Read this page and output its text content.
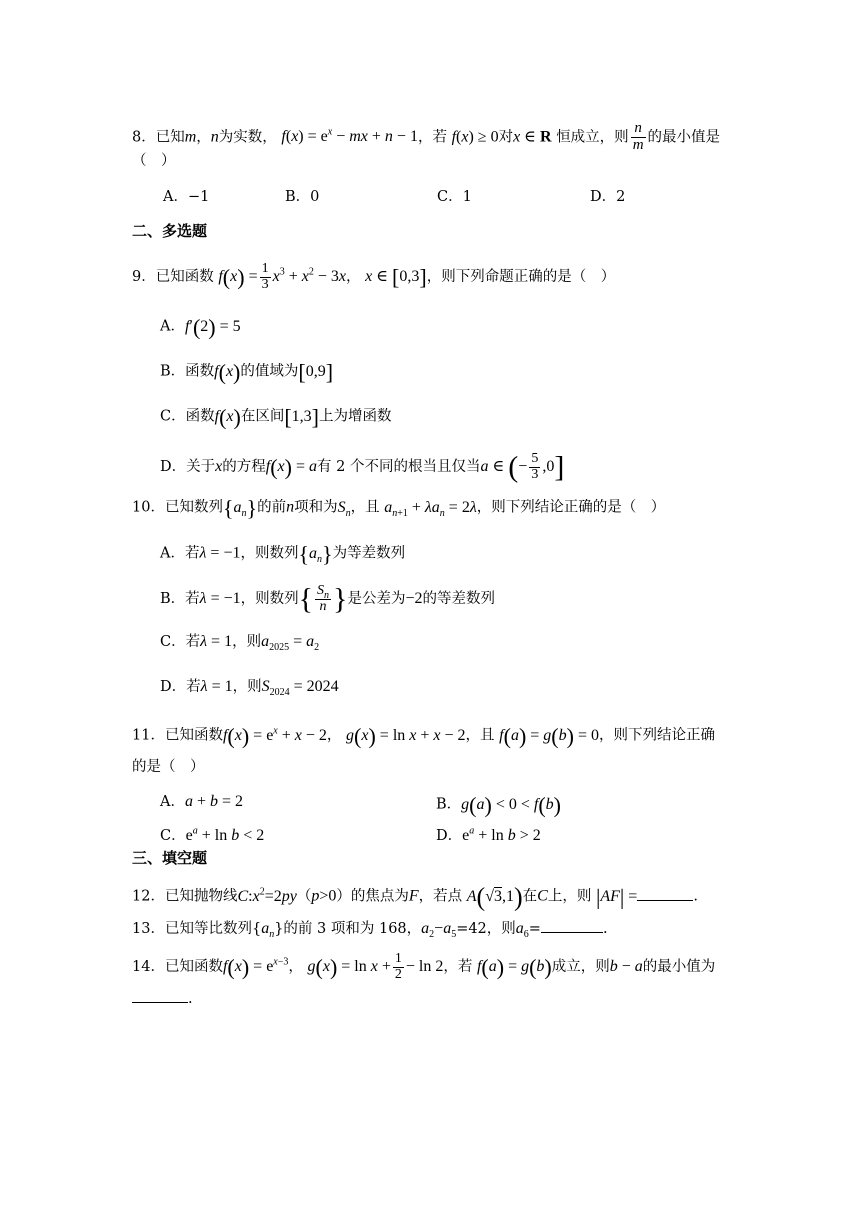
8．已知m，n为实数， $f(x) = e^x$ − mx + n − 1，若 f(x) ≥ 0对x ∈ R 恒成立，则 $\frac{n}{m}$ 的最小值是
（　）
A．−1	B．0	C．1	D．2
二、多选题
9．已知函数 $f(x) = \frac{1}{3} x^3 + x^2 - 3x$， x ∈ [0,3]，则下列命题正确的是（　）
A．f′(2) = 5
B．函数f(x)的值域为[0,9]
C．函数f(x)在区间[1,3]上为增函数
D．关于x的方程f(x) = a有 2 个不同的根当且仅当a ∈ (− $\frac{5}{3} ,0$]
10．已知数列$\{a_n\}$的前n项和为$S_n$，且 $a_{n+1} + \lambda a_n = 2\lambda$，则下列结论正确的是（　）
A．若λ = −1，则数列$\{a_n\}$为等差数列
B．若λ = −1，则数列{ $\frac{S_n}{n}$ }是公差为−2的等差数列
C．若λ = 1，则$a_{2025} = a_2$
D．若λ = 1，则$S_{2024} = 2024$
11．已知函数$f(x) = e^x + x - 2$， g(x) = ln x + x − 2，且 f(a) = g(b) = 0，则下列结论正确
的是（　）
A．a + b = 2	B．g(a) < 0 < f(b)
C．$e^a + \ln b < 2$	D．$e^a + \ln b > 2$
三、填空题
12．已知抛物线$C:x^2=2py(p>0)$的焦点为F，若点 A(√3,1)在C上，则 |AF| =	.
13．已知等比数列$\{a_n\}$的前 3 项和为 168，$a_2-a_5=42$，则$a_6=$	.
14．已知函数$f(x) = e^{x-3}$， $g(x) = \ln x + \frac{1}{2} - \ln 2$，若 f(a) = g(b)成立，则b − a的最小值为
.
